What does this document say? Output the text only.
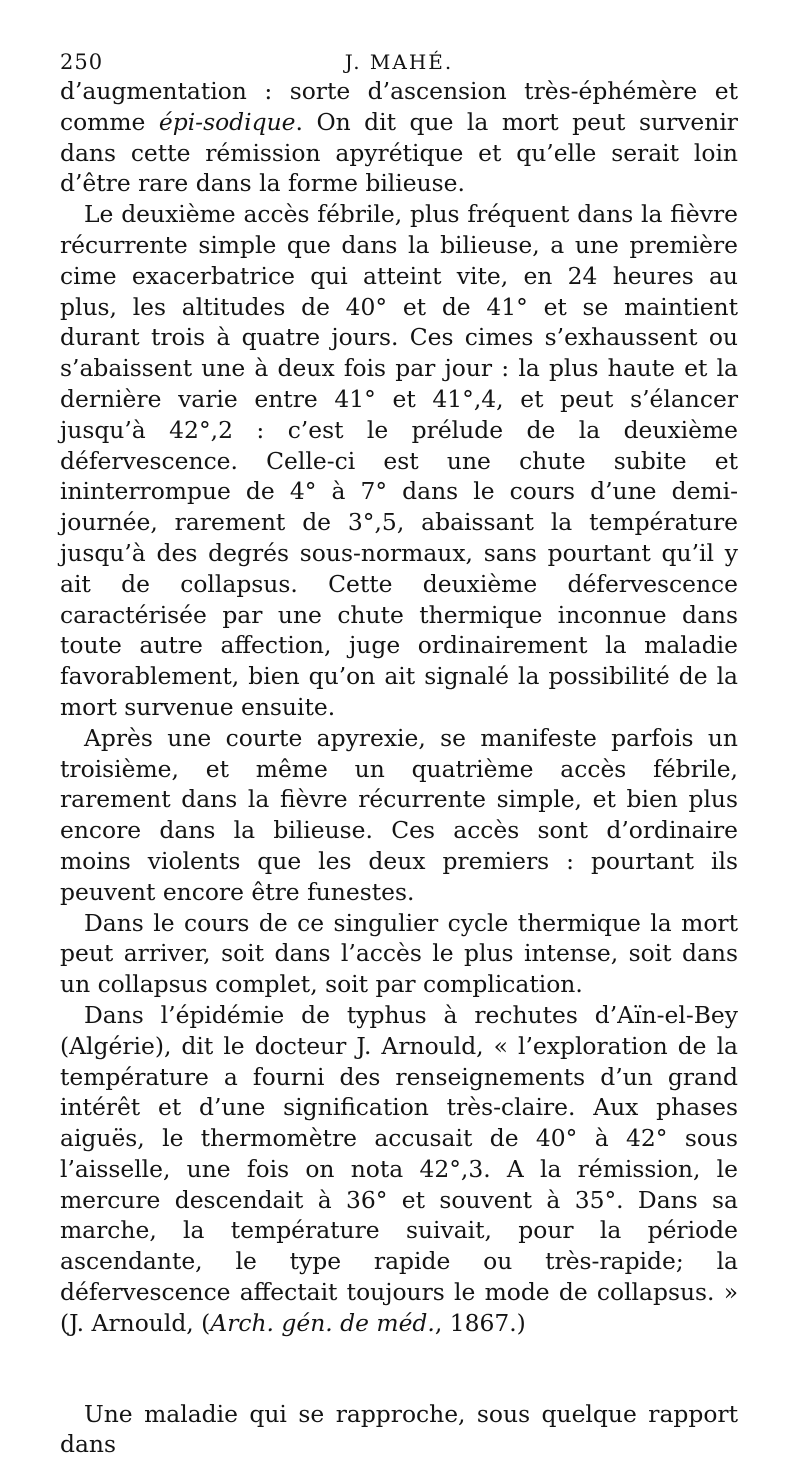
250	J. MAHÉ.

d’augmentation : sorte d’ascension très-éphémère et comme épi-sodique. On dit que la mort peut survenir dans cette rémission apyrétique et qu’elle serait loin d’être rare dans la forme bilieuse.

Le deuxième accès fébrile, plus fréquent dans la fièvre récurrente simple que dans la bilieuse, a une première cime exacerbatrice qui atteint vite, en 24 heures au plus, les altitudes de 40° et de 41° et se maintient durant trois à quatre jours. Ces cimes s’exhaussent ou s’abaissent une à deux fois par jour : la plus haute et la dernière varie entre 41° et 41°,4, et peut s’élancer jusqu’à 42°,2 : c’est le prélude de la deuxième défervescence. Celle-ci est une chute subite et ininterrompue de 4° à 7° dans le cours d’une demi-journée, rarement de 3°,5, abaissant la température jusqu’à des degrés sous-normaux, sans pourtant qu’il y ait de collapsus. Cette deuxième défervescence caractérisée par une chute thermique inconnue dans toute autre affection, juge ordinairement la maladie favorablement, bien qu’on ait signalé la possibilité de la mort survenue ensuite.

Après une courte apyrexie, se manifeste parfois un troisième, et même un quatrième accès fébrile, rarement dans la fièvre récurrente simple, et bien plus encore dans la bilieuse. Ces accès sont d’ordinaire moins violents que les deux premiers : pourtant ils peuvent encore être funestes.

Dans le cours de ce singulier cycle thermique la mort peut arriver, soit dans l’accès le plus intense, soit dans un collapsus complet, soit par complication.

Dans l’épidémie de typhus à rechutes d’Aïn-el-Bey (Algérie), dit le docteur J. Arnould, « l’exploration de la température a fourni des renseignements d’un grand intérêt et d’une signification très-claire. Aux phases aiguës, le thermomètre accusait de 40° à 42° sous l’aisselle, une fois on nota 42°,3. A la rémission, le mercure descendait à 36° et souvent à 35°. Dans sa marche, la température suivait, pour la période ascendante, le type rapide ou très-rapide; la défervescence affectait toujours le mode de collapsus. » (J. Arnould, (Arch. gén. de méd., 1867.)

Une maladie qui se rapproche, sous quelque rapport dans
